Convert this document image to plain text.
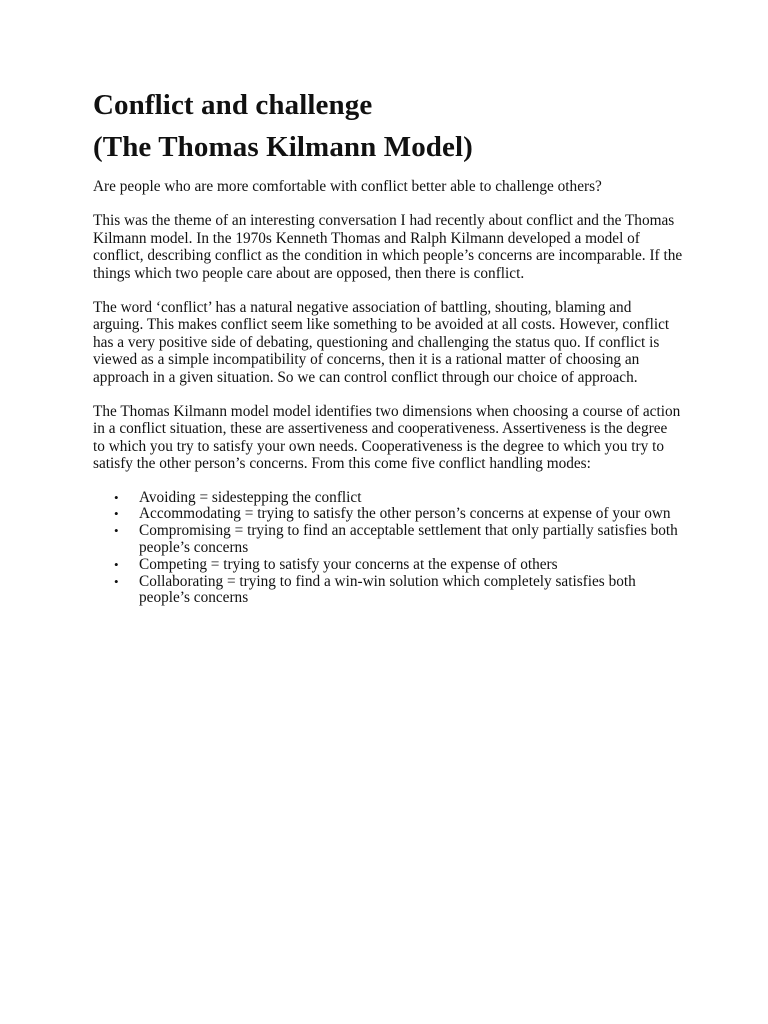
Conflict and challenge
(The Thomas Kilmann Model)

Are people who are more comfortable with conflict better able to challenge others?

This was the theme of an interesting conversation I had recently about conflict and the Thomas Kilmann model. In the 1970s Kenneth Thomas and Ralph Kilmann developed a model of conflict, describing conflict as the condition in which people’s concerns are incomparable. If the things which two people care about are opposed, then there is conflict.

The word ‘conflict’ has a natural negative association of battling, shouting, blaming and arguing. This makes conflict seem like something to be avoided at all costs. However, conflict has a very positive side of debating, questioning and challenging the status quo. If conflict is viewed as a simple incompatibility of concerns, then it is a rational matter of choosing an approach in a given situation. So we can control conflict through our choice of approach.

The Thomas Kilmann model model identifies two dimensions when choosing a course of action in a conflict situation, these are assertiveness and cooperativeness. Assertiveness is the degree to which you try to satisfy your own needs. Cooperativeness is the degree to which you try to satisfy the other person’s concerns. From this come five conflict handling modes:

• Avoiding = sidestepping the conflict
• Accommodating = trying to satisfy the other person’s concerns at expense of your own
• Compromising = trying to find an acceptable settlement that only partially satisfies both people’s concerns
• Competing = trying to satisfy your concerns at the expense of others
• Collaborating = trying to find a win-win solution which completely satisfies both people’s concerns
